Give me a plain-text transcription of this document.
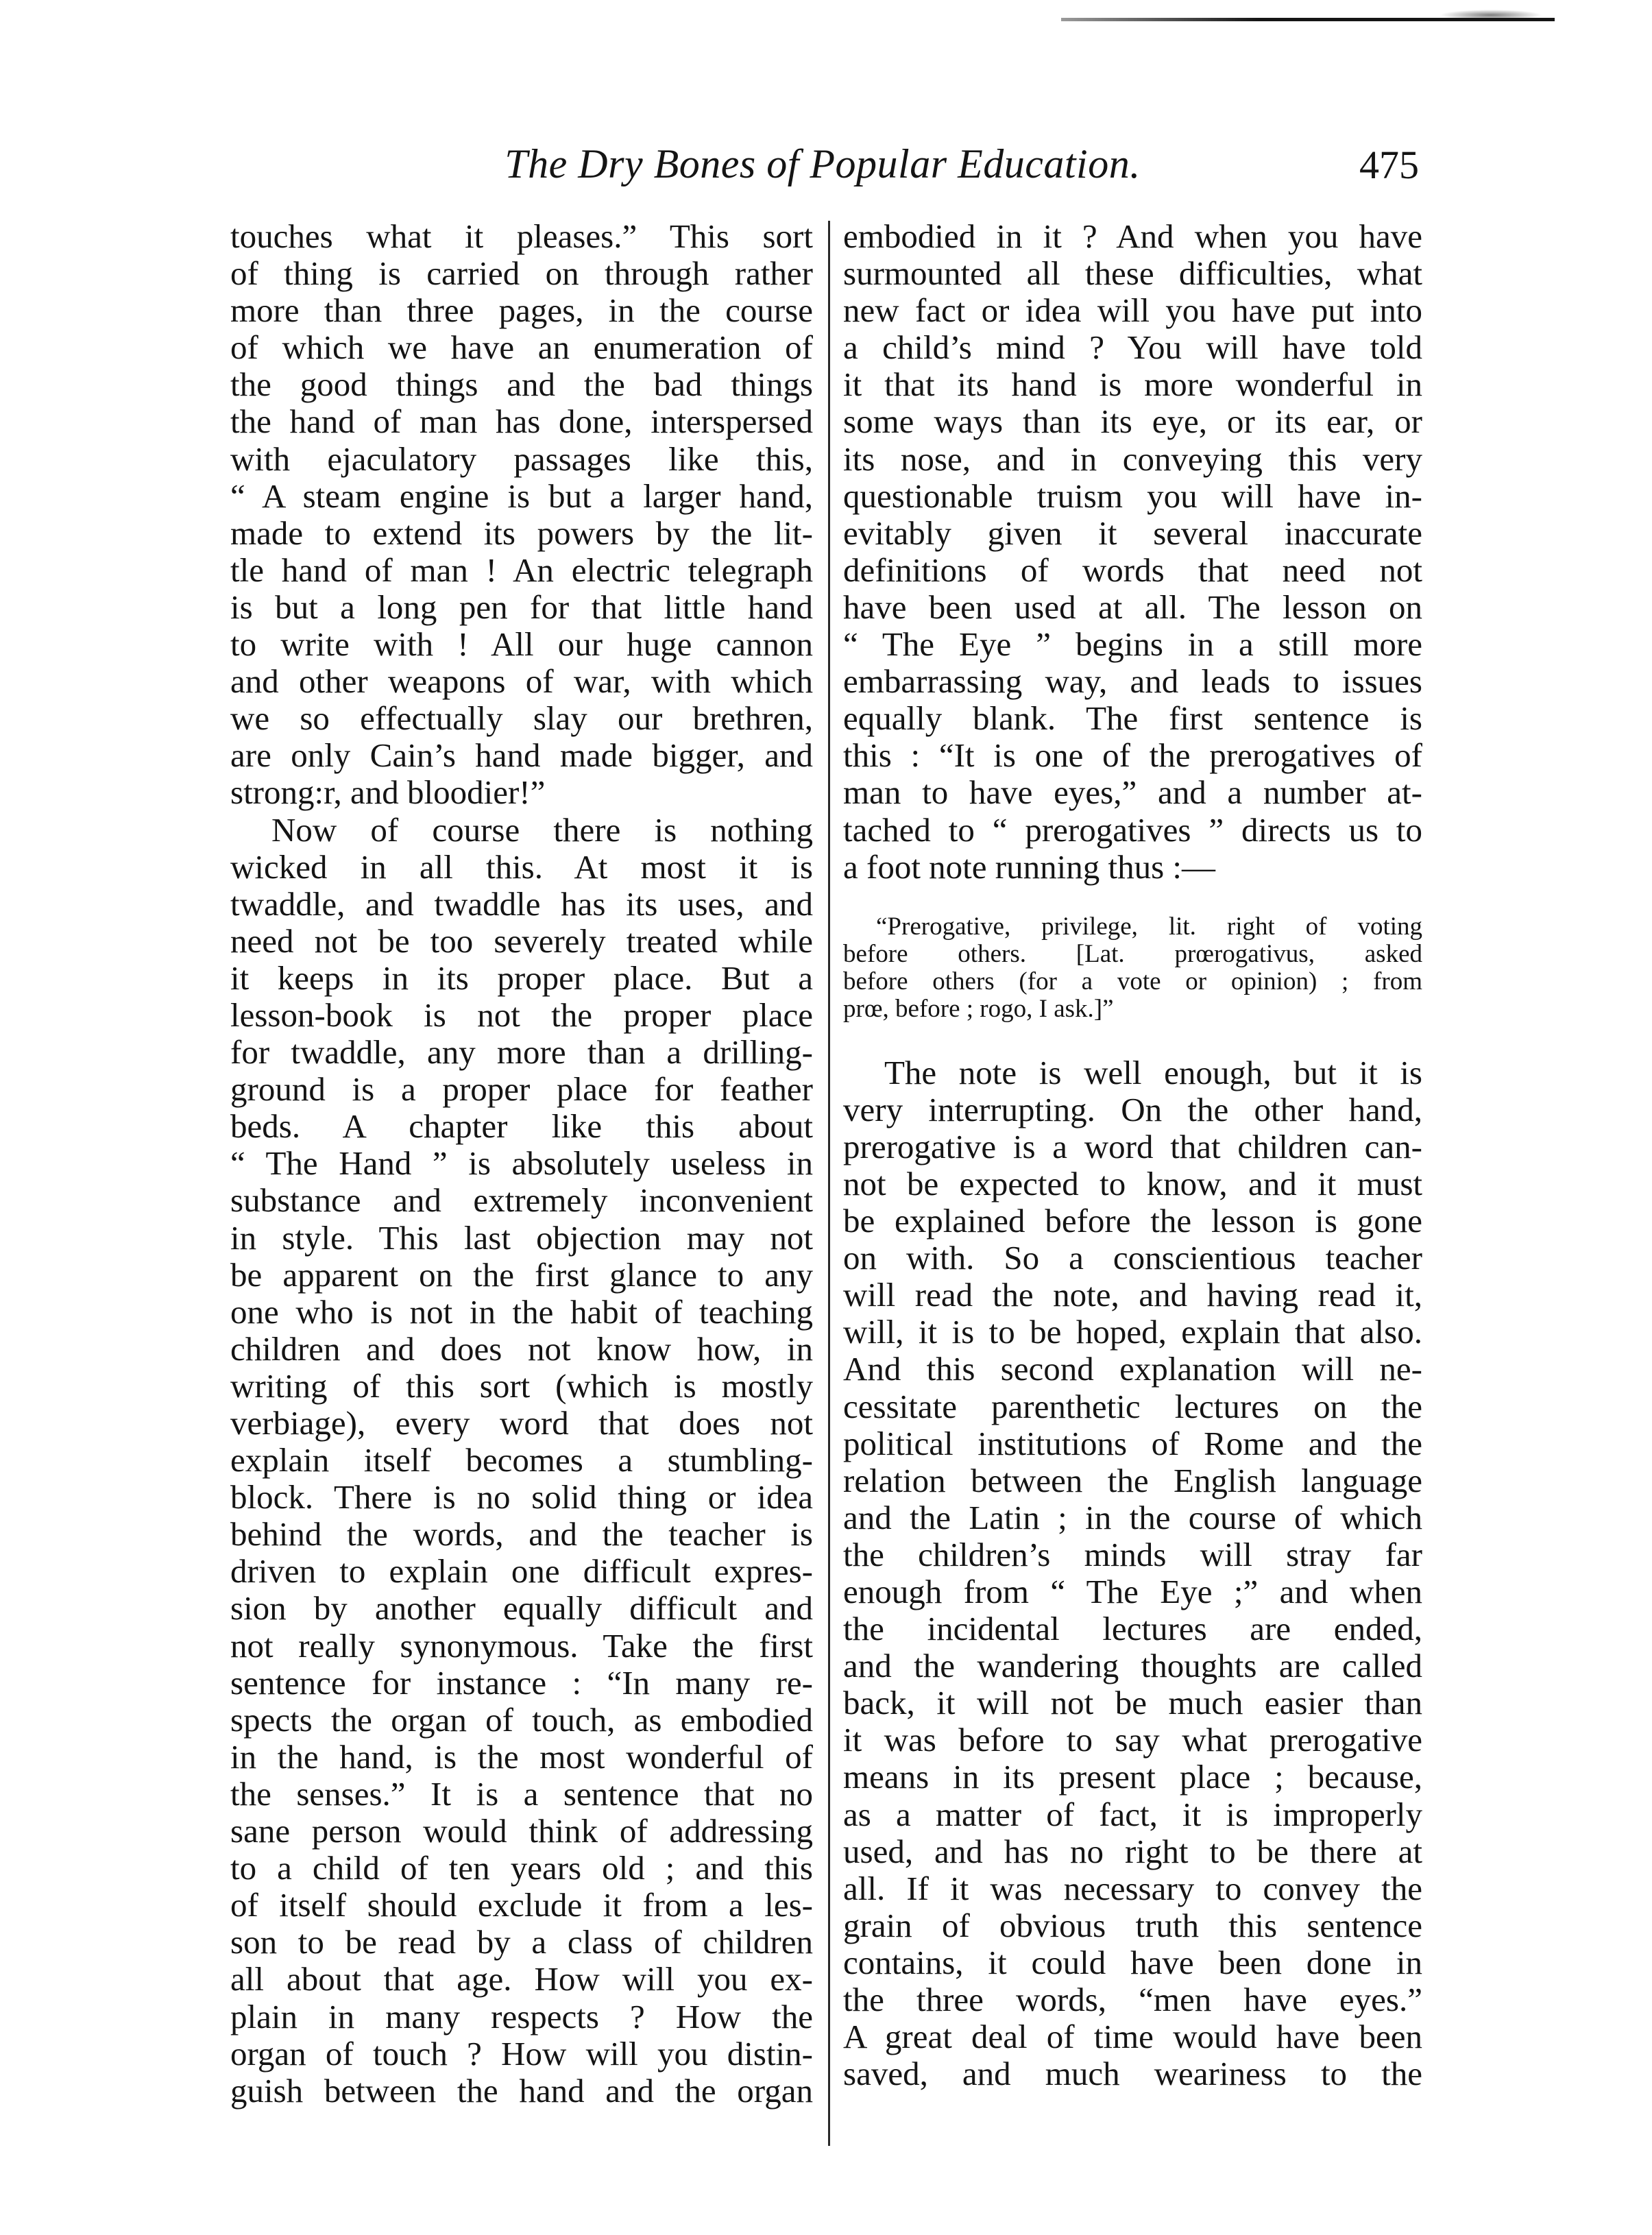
The Dry Bones of Popular Education.	475
touches what it pleases.” This sort
of thing is carried on through rather
more than three pages, in the course
of which we have an enumeration of
the good things and the bad things
the hand of man has done, interspersed
with ejaculatory passages like this,
“ A steam engine is but a larger hand,
made to extend its powers by the lit-
tle hand of man ! An electric telegraph
is but a long pen for that little hand
to write with ! All our huge cannon
and other weapons of war, with which
we so effectually slay our brethren,
are only Cain’s hand made bigger, and
strong:r, and bloodier!”
Now of course there is nothing
wicked in all this. At most it is
twaddle, and twaddle has its uses, and
need not be too severely treated while
it keeps in its proper place. But a
lesson-book is not the proper place
for twaddle, any more than a drilling-
ground is a proper place for feather
beds. A chapter like this about
“ The Hand ” is absolutely useless in
substance and extremely inconvenient
in style. This last objection may not
be apparent on the first glance to any
one who is not in the habit of teaching
children and does not know how, in
writing of this sort (which is mostly
verbiage), every word that does not
explain itself becomes a stumbling-
block. There is no solid thing or idea
behind the words, and the teacher is
driven to explain one difficult expres-
sion by another equally difficult and
not really synonymous. Take the first
sentence for instance : “In many re-
spects the organ of touch, as embodied
in the hand, is the most wonderful of
the senses.” It is a sentence that no
sane person would think of addressing
to a child of ten years old ; and this
of itself should exclude it from a les-
son to be read by a class of children
all about that age. How will you ex-
plain in many respects ? How the
organ of touch ? How will you distin-
guish between the hand and the organ
embodied in it ? And when you have
surmounted all these difficulties, what
new fact or idea will you have put into
a child’s mind ? You will have told
it that its hand is more wonderful in
some ways than its eye, or its ear, or
its nose, and in conveying this very
questionable truism you will have in-
evitably given it several inaccurate
definitions of words that need not
have been used at all. The lesson on
“ The Eye ” begins in a still more
embarrassing way, and leads to issues
equally blank. The first sentence is
this : “It is one of the prerogatives of
man to have eyes,” and a number at-
tached to “ prerogatives ” directs us to
a foot note running thus :—
“Prerogative, privilege, lit. right of voting
before others. [Lat. prœrogativus, asked
before others (for a vote or opinion) ; from
prœ, before ; rogo, I ask.]”
The note is well enough, but it is
very interrupting. On the other hand,
prerogative is a word that children can-
not be expected to know, and it must
be explained before the lesson is gone
on with. So a conscientious teacher
will read the note, and having read it,
will, it is to be hoped, explain that also.
And this second explanation will ne-
cessitate parenthetic lectures on the
political institutions of Rome and the
relation between the English language
and the Latin ; in the course of which
the children’s minds will stray far
enough from “ The Eye ;” and when
the incidental lectures are ended,
and the wandering thoughts are called
back, it will not be much easier than
it was before to say what prerogative
means in its present place ; because,
as a matter of fact, it is improperly
used, and has no right to be there at
all. If it was necessary to convey the
grain of obvious truth this sentence
contains, it could have been done in
the three words, “men have eyes.”
A great deal of time would have been
saved, and much weariness to the
